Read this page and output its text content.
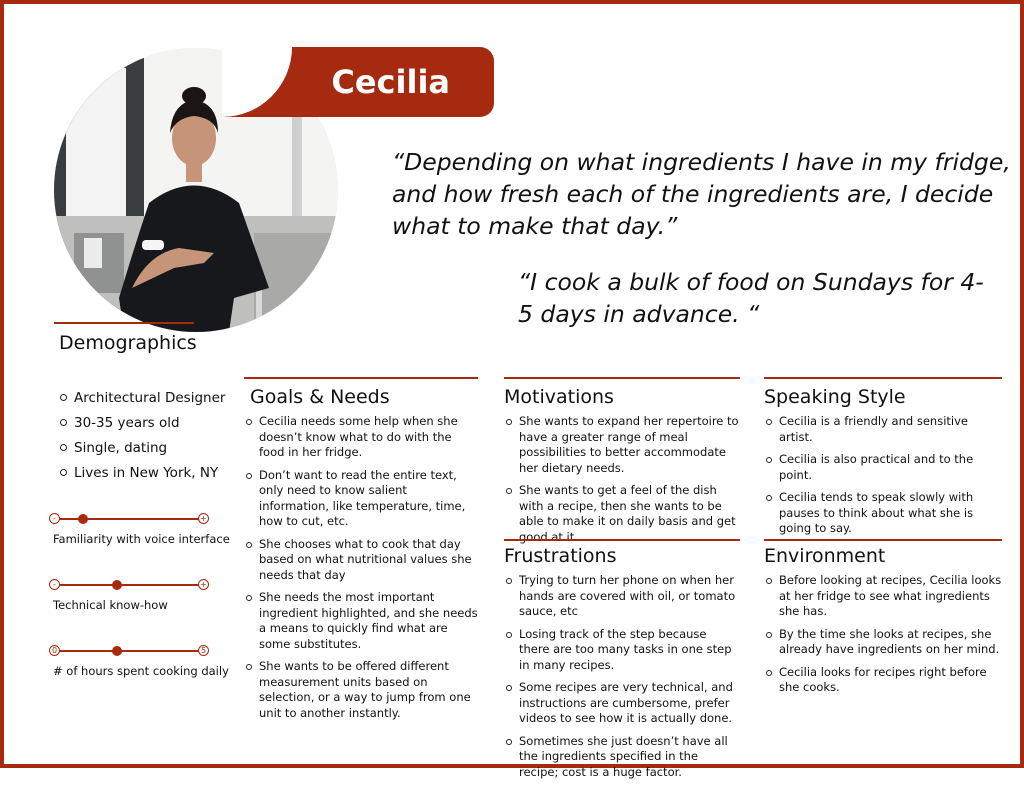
Cecilia

“Depending on what ingredients I have in my fridge, and how fresh each of the ingredients are, I decide what to make that day.”

“I cook a bulk of food on Sundays for 4-5 days in advance. “

Demographics
Architectural Designer
30-35 years old
Single, dating
Lives in New York, NY
-	+
Familiarity with voice interface
-	+
Technical know-how
0	5
# of hours spent cooking daily
Goals & Needs
Cecilia needs some help when she doesn’t know what to do with the food in her fridge.
Don’t want to read the entire text, only need to know salient information, like temperature, time, how to cut, etc.
She chooses what to cook that day based on what nutritional values she needs that day
She needs the most important ingredient highlighted, and she needs a means to quickly find what are some substitutes.
She wants to be offered different measurement units based on selection, or a way to jump from one unit to another instantly.
Motivations
She wants to expand her repertoire to have a greater range of meal possibilities to better accommodate her dietary needs.
She wants to get a feel of the dish with a recipe, then she wants to be able to make it on daily basis and get good at it.
Frustrations
Trying to turn her phone on when her hands are covered with oil, or tomato sauce, etc
Losing track of the step because there are too many tasks in one step in many recipes.
Some recipes are very technical, and instructions are cumbersome, prefer videos to see how it is actually done.
Sometimes she just doesn’t have all the ingredients specified in the recipe; cost is a huge factor.
Speaking Style
Cecilia is a friendly and sensitive artist.
Cecilia is also practical and to the point.
Cecilia tends to speak slowly with pauses to think about what she is going to say.
Environment
Before looking at recipes, Cecilia looks at her fridge to see what ingredients she has.
By the time she looks at recipes, she already have ingredients on her mind.
Cecilia looks for recipes right before she cooks.
